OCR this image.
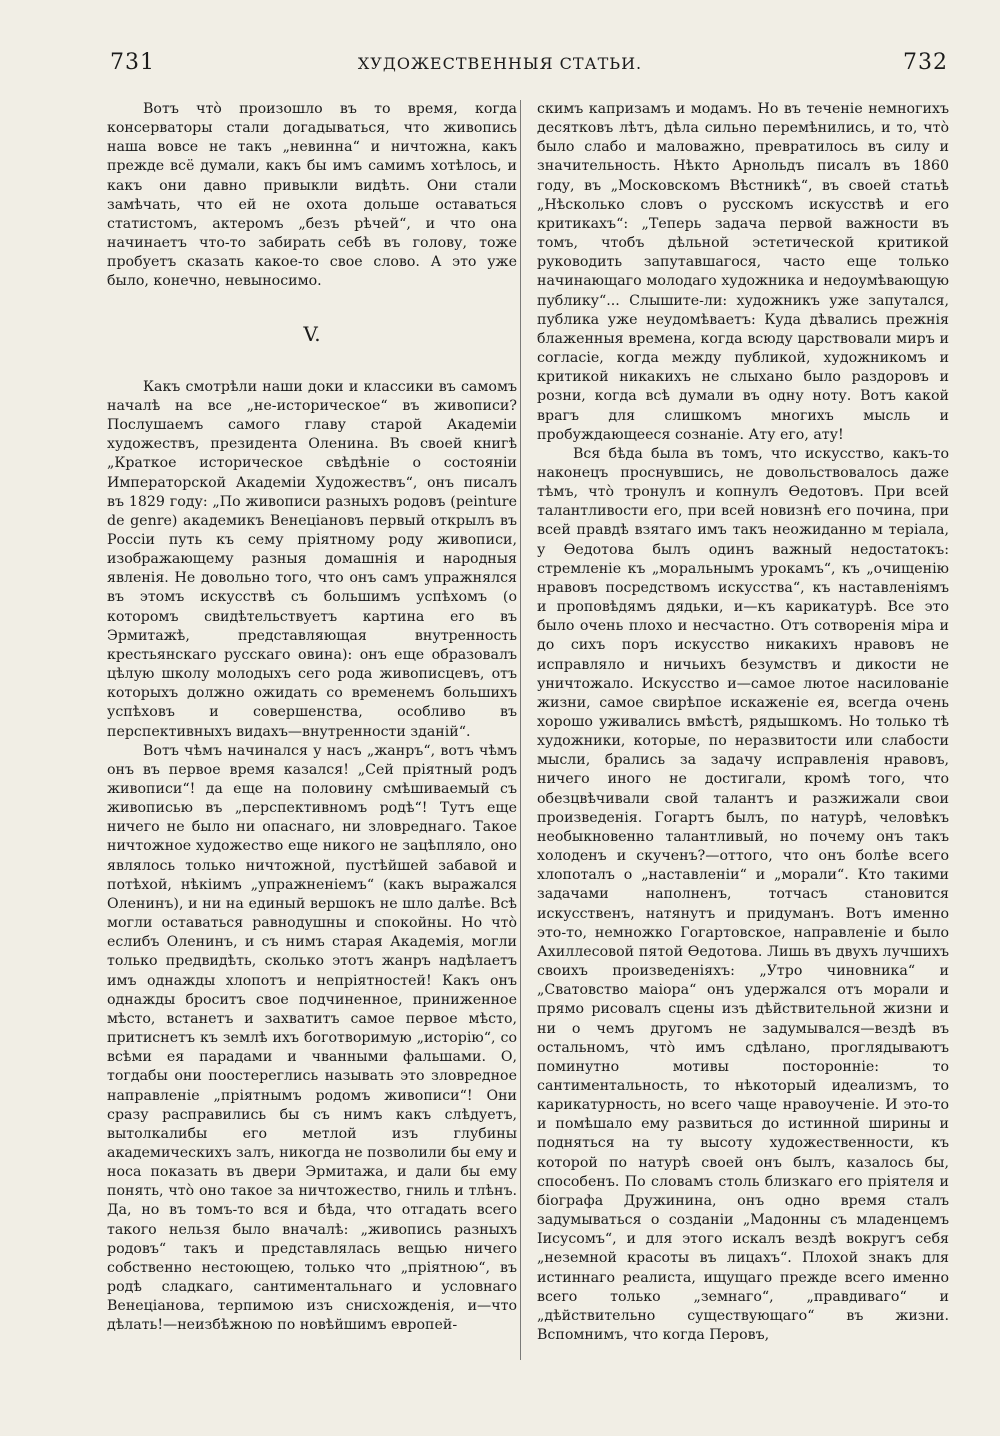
731	ХУДОЖЕСТВЕННЫЯ СТАТЬИ.	732

Вотъ чтò произошло въ то время, когда консерваторы стали догадываться, что живопись наша вовсе не такъ „невинна“ и ничтожна, какъ прежде всё думали, какъ бы имъ самимъ хотѣлось, и какъ они давно привыкли видѣть. Они стали замѣчать, что ей не охота дольше оставаться статистомъ, актеромъ „безъ рѣчей“, и что она начинаетъ что-то забирать себѣ въ голову, тоже пробуетъ сказать какое-то свое слово. А это уже было, конечно, невыносимо.

V.

Какъ смотрѣли наши доки и классики въ самомъ началѣ на все „не-историческое“ въ живописи? Послушаемъ самого главу старой Академіи художествъ, президента Оленина. Въ своей книгѣ „Краткое историческое свѣдѣніе о состояніи Императорской Академіи Художествъ“, онъ писалъ въ 1829 году: „По живописи разныхъ родовъ (peinture de genre) академикъ Венеціановъ первый открылъ въ Россіи путь къ сему пріятному роду живописи, изображающему разныя домашнія и народныя явленія. Не довольно того, что онъ самъ упражнялся въ этомъ искусствѣ съ большимъ успѣхомъ (о которомъ свидѣтельствуетъ картина его въ Эрмитажѣ, представляющая внутренность крестьянскаго русскаго овина): онъ еще образовалъ цѣлую школу молодыхъ сего рода живописцевъ, отъ которыхъ должно ожидать со временемъ большихъ успѣховъ и совершенства, особливо въ перспективныхъ видахъ—внутренности зданій“.

Вотъ чѣмъ начинался у насъ „жанръ“, вотъ чѣмъ онъ въ первое время казался! „Сей пріятный родъ живописи“! да еще на половину смѣшиваемый съ живописью въ „перспективномъ родѣ“! Тутъ еще ничего не было ни опаснаго, ни зловреднаго. Такое ничтожное художество еще никого не зацѣпляло, оно являлось только ничтожной, пустѣйшей забавой и потѣхой, нѣкіимъ „упражненіемъ“ (какъ выражался Оленинъ), и ни на единый вершокъ не шло далѣе. Всѣ могли оставаться равнодушны и спокойны. Но чтò еслибъ Оленинъ, и съ нимъ старая Академія, могли только предвидѣть, сколько этотъ жанръ надѣлаетъ имъ однажды хлопотъ и непріятностей! Какъ онъ однажды броситъ свое подчиненное, приниженное мѣсто, встанетъ и захватитъ самое первое мѣсто, притиснетъ къ землѣ ихъ боготворимую „исторію“, со всѣми ея парадами и чванными фальшами. О, тогдабы они поостереглись называть это зловредное направленіе „пріятнымъ родомъ живописи“! Они сразу расправились бы съ нимъ какъ слѣдуетъ, вытолкалибы его метлой изъ глубины академическихъ залъ, никогда не позволили бы ему и носа показать въ двери Эрмитажа, и дали бы ему понять, чтò оно такое за ничтожество, гниль и тлѣнъ. Да, но въ томъ-то вся и бѣда, что отгадать всего такого нельзя было вначалѣ: „живопись разныхъ родовъ“ такъ и представлялась вещью ничего собственно нестоющею, только что „пріятною“, въ родѣ сладкаго, сантиментальнаго и условнаго Венеціанова, терпимою изъ снисхожденія, и—что дѣлать!—неизбѣжною по новѣйшимъ европей-

скимъ капризамъ и модамъ. Но въ теченіе немногихъ десятковъ лѣтъ, дѣла сильно перемѣнились, и то, чтò было слабо и маловажно, превратилось въ силу и значительность. Нѣкто Арнольдъ писалъ въ 1860 году, въ „Московскомъ Вѣстникѣ“, въ своей статьѣ „Нѣсколько словъ о русскомъ искусствѣ и его критикахъ“: „Теперь задача первой важности въ томъ, чтобъ дѣльной эстетической критикой руководить запутавшагося, часто еще только начинающаго молодаго художника и недоумѣвающую публику“... Слышите-ли: художникъ уже запутался, публика уже неудомѣваетъ: Куда дѣвались прежнія блаженныя времена, когда всюду царствовали миръ и согласіе, когда между публикой, художникомъ и критикой никакихъ не слыхано было раздоровъ и розни, когда всѣ думали въ одну ноту. Вотъ какой врагъ для слишкомъ многихъ мысль и пробуждающееся сознаніе. Ату его, ату!

Вся бѣда была въ томъ, что искусство, какъ-то наконецъ проснувшись, не довольствовалось даже тѣмъ, чтò тронулъ и копнулъ Ѳедотовъ. При всей талантливости его, при всей новизнѣ его почина, при всей правдѣ взятаго имъ такъ неожиданно м теріала, у Ѳедотова былъ одинъ важный недостатокъ: стремленіе къ „моральнымъ урокамъ“, къ „очищенію нравовъ посредствомъ искусства“, къ наставленіямъ и проповѣдямъ дядьки, и—къ карикатурѣ. Все это было очень плохо и несчастно. Отъ сотворенія міра и до сихъ поръ искусство никакихъ нравовъ не исправляло и ничьихъ безумствъ и дикости не уничтожало. Искусство и—самое лютое насилованіе жизни, самое свирѣпое искаженіе ея, всегда очень хорошо уживались вмѣстѣ, рядышкомъ. Но только тѣ художники, которые, по неразвитости или слабости мысли, брались за задачу исправленія нравовъ, ничего иного не достигали, кромѣ того, что обезцвѣчивали свой талантъ и разжижали свои произведенія. Гогартъ былъ, по натурѣ, человѣкъ необыкновенно талантливый, но почему онъ такъ холоденъ и скученъ?—оттого, что онъ болѣе всего хлопоталъ о „наставленіи“ и „морали“. Кто такими задачами наполненъ, тотчасъ становится искусственъ, натянутъ и придуманъ. Вотъ именно это-то, немножко Гогартовское, направленіе и было Ахиллесовой пятой Ѳедотова. Лишь въ двухъ лучшихъ своихъ произведеніяхъ: „Утро чиновника“ и „Сватовство маіора“ онъ удержался отъ морали и прямо рисовалъ сцены изъ дѣйствительной жизни и ни о чемъ другомъ не задумывался—вездѣ въ остальномъ, чтò имъ сдѣлано, проглядываютъ поминутно мотивы посторонніе: то сантиментальность, то нѣкоторый идеализмъ, то карикатурность, но всего чаще нравоученіе. И это-то и помѣшало ему развиться до истинной ширины и подняться на ту высоту художественности, къ которой по натурѣ своей онъ былъ, казалось бы, способенъ. По словамъ столь близкаго его пріятеля и біографа Дружинина, онъ одно время сталъ задумываться о созданіи „Мадонны съ младенцемъ Іисусомъ“, и для этого искалъ вездѣ вокругъ себя „неземной красоты въ лицахъ“. Плохой знакъ для истиннаго реалиста, ищущаго прежде всего именно всего только „земнаго“, „правдиваго“ и „дѣйствительно существующаго“ въ жизни. Вспомнимъ, что когда Перовъ,
